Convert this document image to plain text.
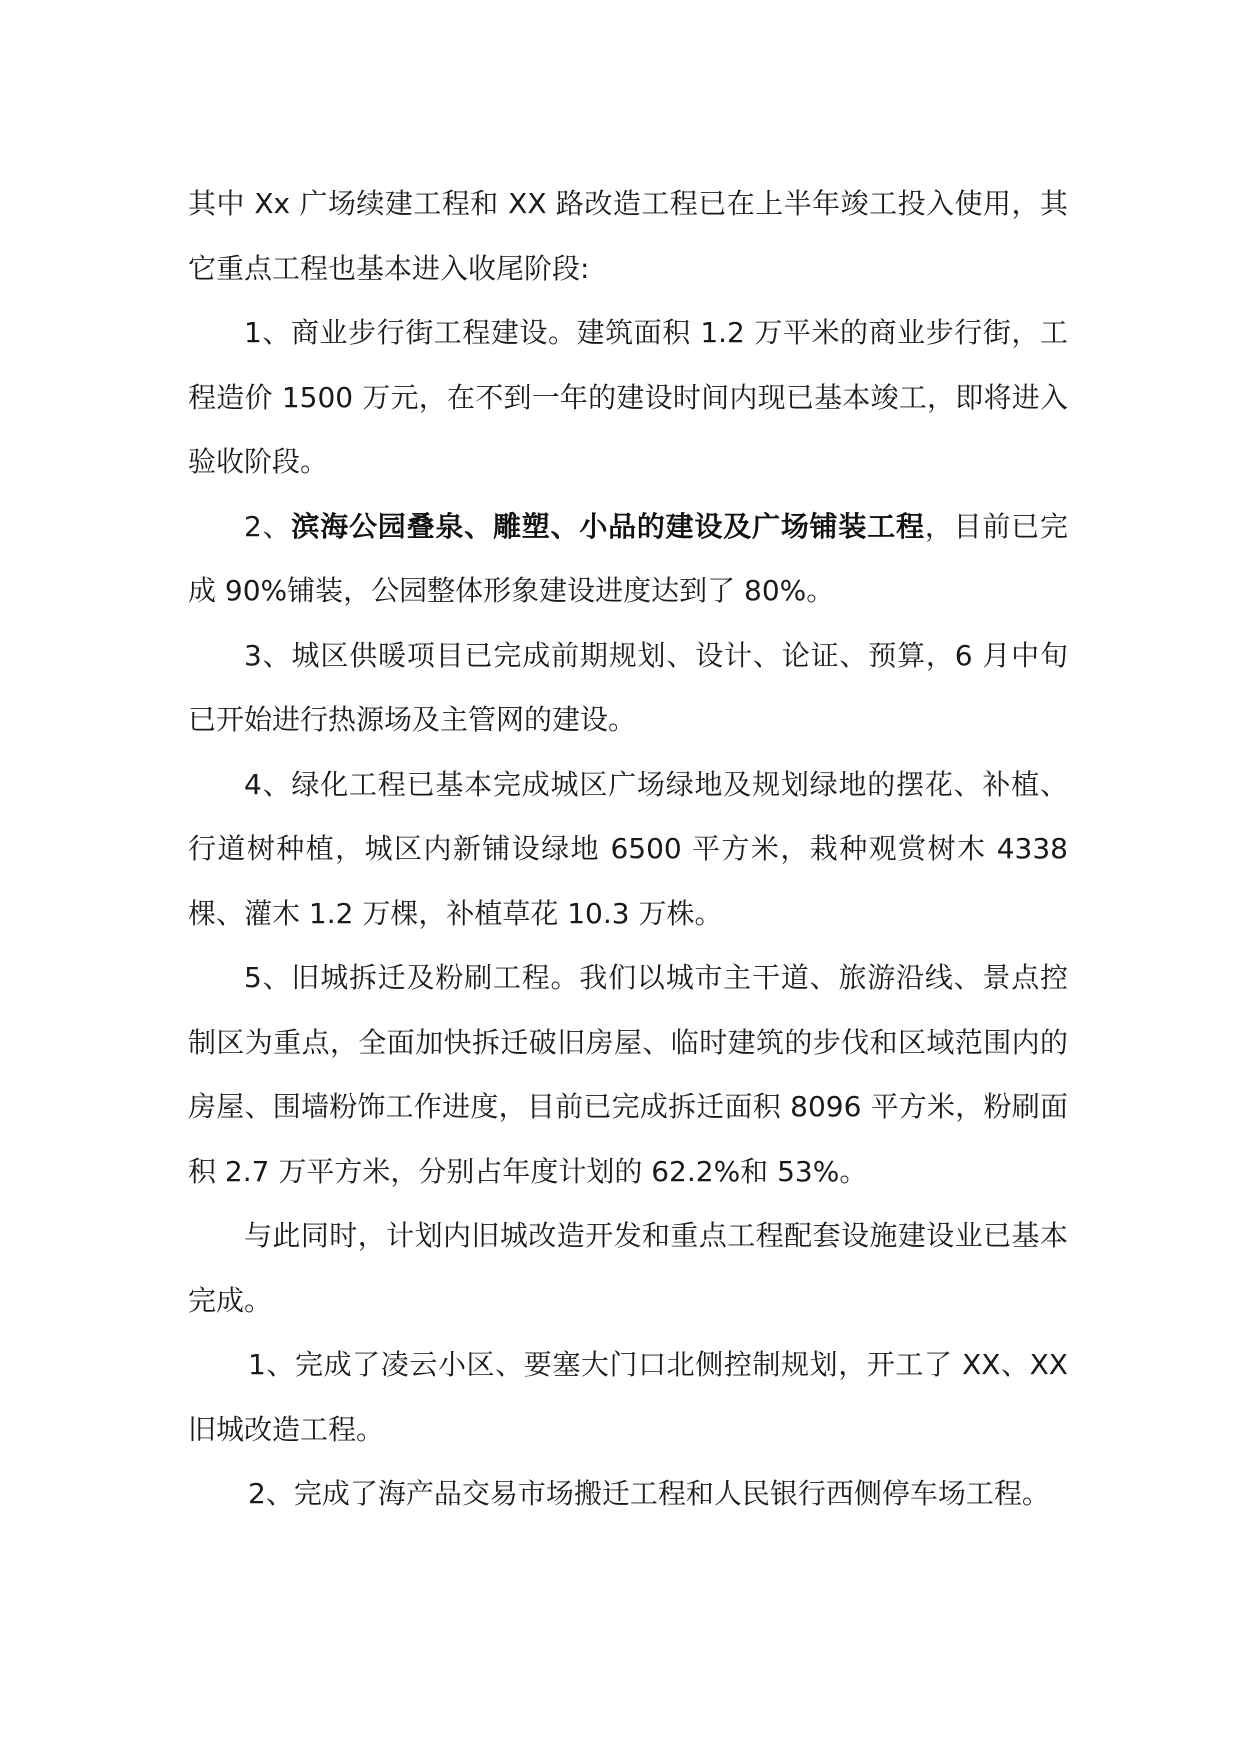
其中 Xx 广场续建工程和 XX 路改造工程已在上半年竣工投入使用，其它重点工程也基本进入收尾阶段:

1、商业步行街工程建设。建筑面积 1.2 万平米的商业步行街，工程造价 1500 万元，在不到一年的建设时间内现已基本竣工，即将进入验收阶段。

2、滨海公园叠泉、雕塑、小品的建设及广场铺装工程，目前已完成 90%铺装，公园整体形象建设进度达到了 80%。

3、城区供暖项目已完成前期规划、设计、论证、预算，6 月中旬已开始进行热源场及主管网的建设。

4、绿化工程已基本完成城区广场绿地及规划绿地的摆花、补植、行道树种植，城区内新铺设绿地 6500 平方米，栽种观赏树木 4338 棵、灌木 1.2 万棵，补植草花 10.3 万株。

5、旧城拆迁及粉刷工程。我们以城市主干道、旅游沿线、景点控制区为重点，全面加快拆迁破旧房屋、临时建筑的步伐和区域范围内的房屋、围墙粉饰工作进度，目前已完成拆迁面积 8096 平方米，粉刷面积 2.7 万平方米，分别占年度计划的 62.2%和 53%。

与此同时，计划内旧城改造开发和重点工程配套设施建设业已基本完成。

1、完成了凌云小区、要塞大门口北侧控制规划，开工了 XX、XX 旧城改造工程。

2、完成了海产品交易市场搬迁工程和人民银行西侧停车场工程。
